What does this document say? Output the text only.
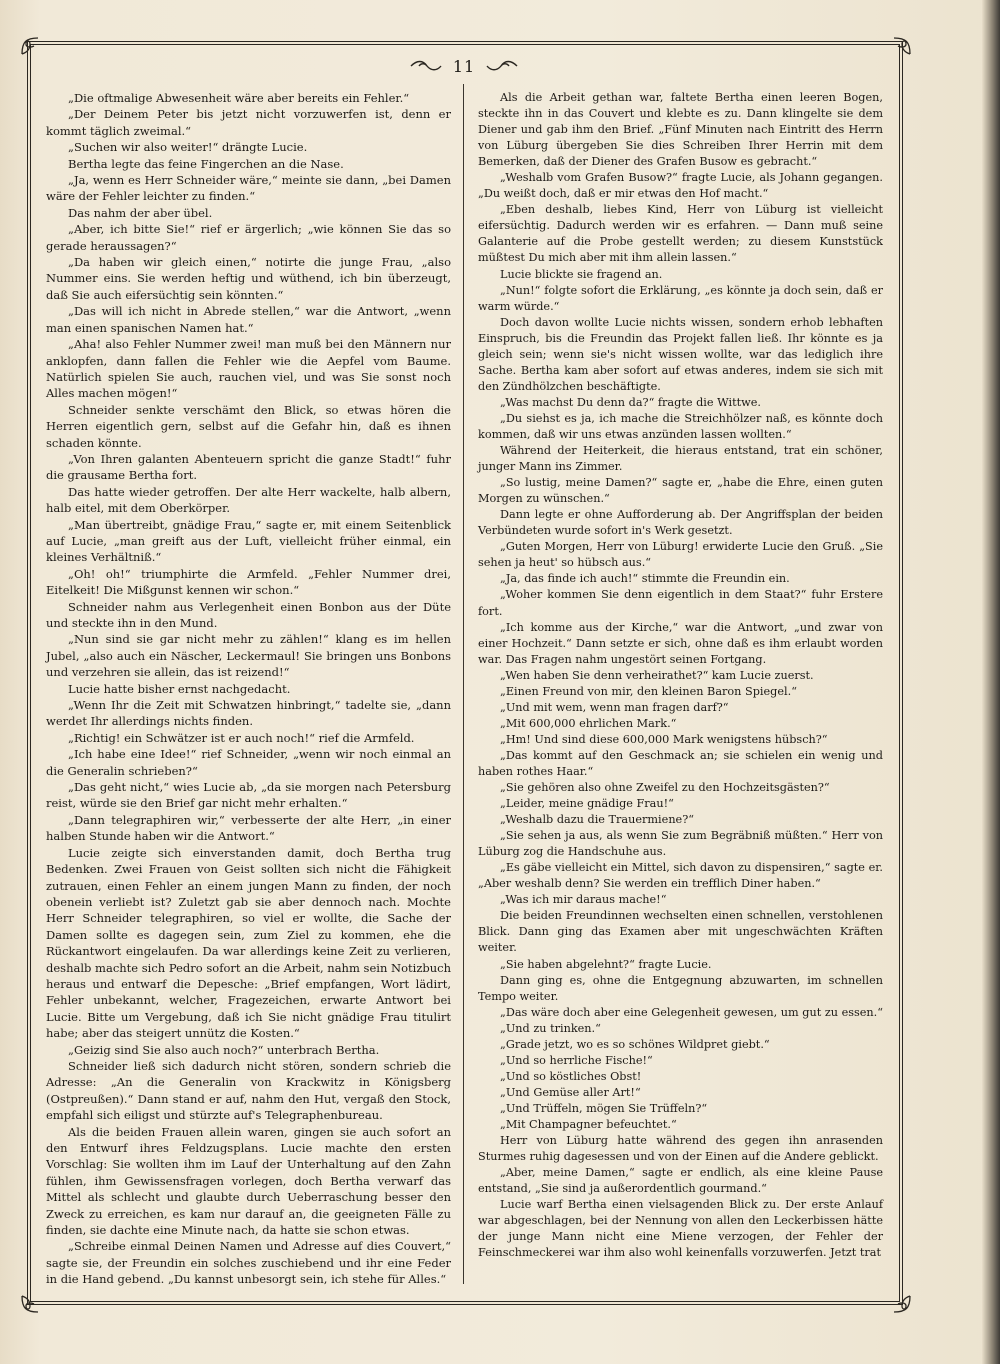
11

„Die oftmalige Abwesenheit wäre aber bereits ein Fehler.“

„Der Deinem Peter bis jetzt nicht vorzuwerfen ist, denn er kommt täglich zweimal.“

„Suchen wir also weiter!“ drängte Lucie.

Bertha legte das feine Fingerchen an die Nase.

„Ja, wenn es Herr Schneider wäre,“ meinte sie dann, „bei Damen wäre der Fehler leichter zu finden.“

Das nahm der aber übel.

„Aber, ich bitte Sie!“ rief er ärgerlich; „wie können Sie das so gerade heraussagen?“

„Da haben wir gleich einen,“ notirte die junge Frau, „also Nummer eins. Sie werden heftig und wüthend, ich bin überzeugt, daß Sie auch eifersüchtig sein könnten.“

„Das will ich nicht in Abrede stellen,“ war die Antwort, „wenn man einen spanischen Namen hat.“

„Aha! also Fehler Nummer zwei! man muß bei den Männern nur anklopfen, dann fallen die Fehler wie die Aepfel vom Baume. Natürlich spielen Sie auch, rauchen viel, und was Sie sonst noch Alles machen mögen!“

Schneider senkte verschämt den Blick, so etwas hören die Herren eigentlich gern, selbst auf die Gefahr hin, daß es ihnen schaden könnte.

„Von Ihren galanten Abenteuern spricht die ganze Stadt!“ fuhr die grausame Bertha fort.

Das hatte wieder getroffen. Der alte Herr wackelte, halb albern, halb eitel, mit dem Oberkörper.

„Man übertreibt, gnädige Frau,“ sagte er, mit einem Seitenblick auf Lucie, „man greift aus der Luft, vielleicht früher einmal, ein kleines Verhältniß.“

„Oh! oh!“ triumphirte die Armfeld. „Fehler Nummer drei, Eitelkeit! Die Mißgunst kennen wir schon.“

Schneider nahm aus Verlegenheit einen Bonbon aus der Düte und steckte ihn in den Mund.

„Nun sind sie gar nicht mehr zu zählen!“ klang es im hellen Jubel, „also auch ein Näscher, Leckermaul! Sie bringen uns Bonbons und verzehren sie allein, das ist reizend!“

Lucie hatte bisher ernst nachgedacht.

„Wenn Ihr die Zeit mit Schwatzen hinbringt,“ tadelte sie, „dann werdet Ihr allerdings nichts finden.

„Richtig! ein Schwätzer ist er auch noch!“ rief die Armfeld.

„Ich habe eine Idee!“ rief Schneider, „wenn wir noch einmal an die Generalin schrieben?“

„Das geht nicht,“ wies Lucie ab, „da sie morgen nach Petersburg reist, würde sie den Brief gar nicht mehr erhalten.“

„Dann telegraphiren wir,“ verbesserte der alte Herr, „in einer halben Stunde haben wir die Antwort.“

Lucie zeigte sich einverstanden damit, doch Bertha trug Bedenken. Zwei Frauen von Geist sollten sich nicht die Fähigkeit zutrauen, einen Fehler an einem jungen Mann zu finden, der noch obenein verliebt ist? Zuletzt gab sie aber dennoch nach. Mochte Herr Schneider telegraphiren, so viel er wollte, die Sache der Damen sollte es dagegen sein, zum Ziel zu kommen, ehe die Rückantwort eingelaufen. Da war allerdings keine Zeit zu verlieren, deshalb machte sich Pedro sofort an die Arbeit, nahm sein Notizbuch heraus und entwarf die Depesche: „Brief empfangen, Wort lädirt, Fehler unbekannt, welcher, Fragezeichen, erwarte Antwort bei Lucie. Bitte um Vergebung, daß ich Sie nicht gnädige Frau titulirt habe; aber das steigert unnütz die Kosten.“

„Geizig sind Sie also auch noch?“ unterbrach Bertha.

Schneider ließ sich dadurch nicht stören, sondern schrieb die Adresse: „An die Generalin von Krackwitz in Königsberg (Ostpreußen).“ Dann stand er auf, nahm den Hut, vergaß den Stock, empfahl sich eiligst und stürzte auf's Telegraphenbureau.

Als die beiden Frauen allein waren, gingen sie auch sofort an den Entwurf ihres Feldzugsplans. Lucie machte den ersten Vorschlag: Sie wollten ihm im Lauf der Unterhaltung auf den Zahn fühlen, ihm Gewissensfragen vorlegen, doch Bertha verwarf das Mittel als schlecht und glaubte durch Ueberraschung besser den Zweck zu erreichen, es kam nur darauf an, die geeigneten Fälle zu finden, sie dachte eine Minute nach, da hatte sie schon etwas.

„Schreibe einmal Deinen Namen und Adresse auf dies Couvert,“ sagte sie, der Freundin ein solches zuschiebend und ihr eine Feder in die Hand gebend. „Du kannst unbesorgt sein, ich stehe für Alles.“

Als die Arbeit gethan war, faltete Bertha einen leeren Bogen, steckte ihn in das Couvert und klebte es zu. Dann klingelte sie dem Diener und gab ihm den Brief. „Fünf Minuten nach Eintritt des Herrn von Lüburg übergeben Sie dies Schreiben Ihrer Herrin mit dem Bemerken, daß der Diener des Grafen Busow es gebracht.“

„Weshalb vom Grafen Busow?“ fragte Lucie, als Johann gegangen. „Du weißt doch, daß er mir etwas den Hof macht.“

„Eben deshalb, liebes Kind, Herr von Lüburg ist vielleicht eifersüchtig. Dadurch werden wir es erfahren. — Dann muß seine Galanterie auf die Probe gestellt werden; zu diesem Kunststück müßtest Du mich aber mit ihm allein lassen.“

Lucie blickte sie fragend an.

„Nun!“ folgte sofort die Erklärung, „es könnte ja doch sein, daß er warm würde.“

Doch davon wollte Lucie nichts wissen, sondern erhob lebhaften Einspruch, bis die Freundin das Projekt fallen ließ. Ihr könnte es ja gleich sein; wenn sie's nicht wissen wollte, war das lediglich ihre Sache. Bertha kam aber sofort auf etwas anderes, indem sie sich mit den Zündhölzchen beschäftigte.

„Was machst Du denn da?“ fragte die Wittwe.

„Du siehst es ja, ich mache die Streichhölzer naß, es könnte doch kommen, daß wir uns etwas anzünden lassen wollten.“

Während der Heiterkeit, die hieraus entstand, trat ein schöner, junger Mann ins Zimmer.

„So lustig, meine Damen?“ sagte er, „habe die Ehre, einen guten Morgen zu wünschen.“

Dann legte er ohne Aufforderung ab. Der Angriffsplan der beiden Verbündeten wurde sofort in's Werk gesetzt.

„Guten Morgen, Herr von Lüburg! erwiderte Lucie den Gruß. „Sie sehen ja heut' so hübsch aus.“

„Ja, das finde ich auch!“ stimmte die Freundin ein.

„Woher kommen Sie denn eigentlich in dem Staat?“ fuhr Erstere fort.

„Ich komme aus der Kirche,“ war die Antwort, „und zwar von einer Hochzeit.“ Dann setzte er sich, ohne daß es ihm erlaubt worden war. Das Fragen nahm ungestört seinen Fortgang.

„Wen haben Sie denn verheirathet?“ kam Lucie zuerst.

„Einen Freund von mir, den kleinen Baron Spiegel.“

„Und mit wem, wenn man fragen darf?“

„Mit 600,000 ehrlichen Mark.“

„Hm! Und sind diese 600,000 Mark wenigstens hübsch?“

„Das kommt auf den Geschmack an; sie schielen ein wenig und haben rothes Haar.“

„Sie gehören also ohne Zweifel zu den Hochzeitsgästen?“

„Leider, meine gnädige Frau!“

„Weshalb dazu die Trauermiene?“

„Sie sehen ja aus, als wenn Sie zum Begräbniß müßten.“ Herr von Lüburg zog die Handschuhe aus.

„Es gäbe vielleicht ein Mittel, sich davon zu dispensiren,“ sagte er. „Aber weshalb denn? Sie werden ein trefflich Diner haben.“

„Was ich mir daraus mache!“

Die beiden Freundinnen wechselten einen schnellen, verstohlenen Blick. Dann ging das Examen aber mit ungeschwächten Kräften weiter.

„Sie haben abgelehnt?“ fragte Lucie.

Dann ging es, ohne die Entgegnung abzuwarten, im schnellen Tempo weiter.

„Das wäre doch aber eine Gelegenheit gewesen, um gut zu essen.“

„Und zu trinken.“

„Grade jetzt, wo es so schönes Wildpret giebt.“

„Und so herrliche Fische!“

„Und so köstliches Obst!

„Und Gemüse aller Art!“

„Und Trüffeln, mögen Sie Trüffeln?“

„Mit Champagner befeuchtet.“

Herr von Lüburg hatte während des gegen ihn anrasenden Sturmes ruhig dagesessen und von der Einen auf die Andere geblickt.

„Aber, meine Damen,“ sagte er endlich, als eine kleine Pause entstand, „Sie sind ja außerordentlich gourmand.“

Lucie warf Bertha einen vielsagenden Blick zu. Der erste Anlauf war abgeschlagen, bei der Nennung von allen den Leckerbissen hätte der junge Mann nicht eine Miene verzogen, der Fehler der Feinschmeckerei war ihm also wohl keinenfalls vorzuwerfen. Jetzt trat
